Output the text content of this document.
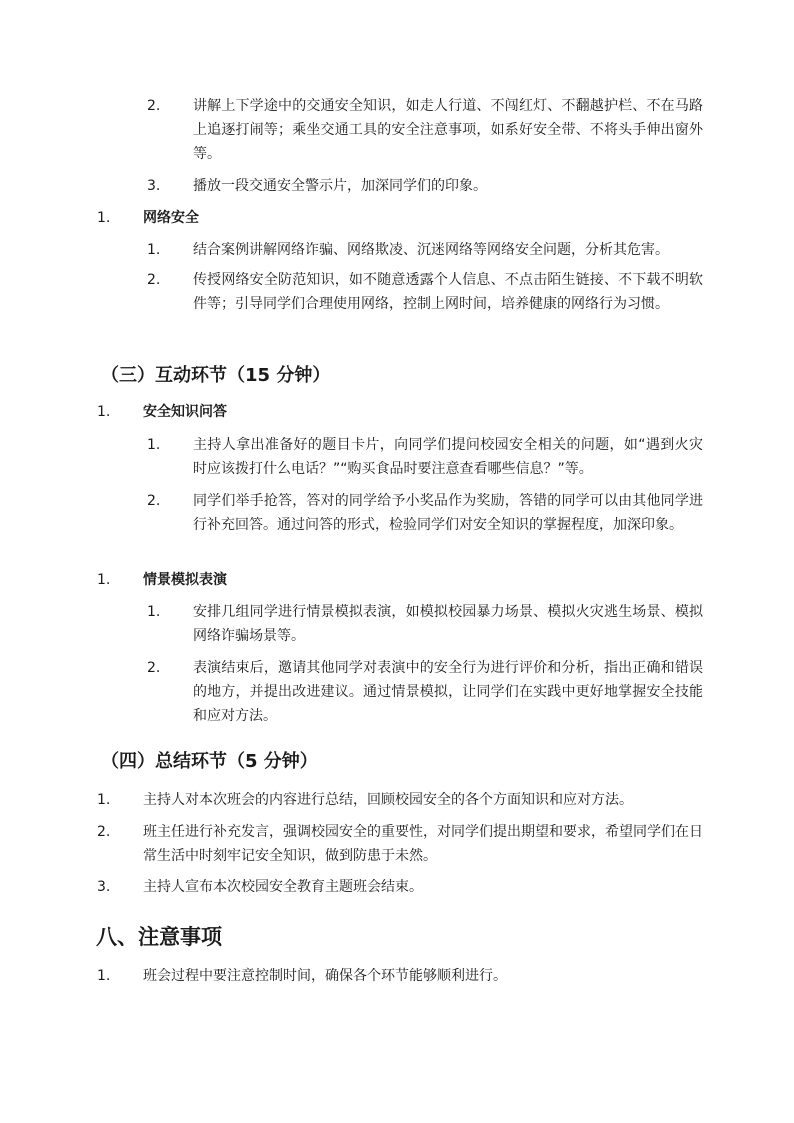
2. 讲解上下学途中的交通安全知识，如走人行道、不闯红灯、不翻越护栏、不在马路上追逐打闹等；乘坐交通工具的安全注意事项，如系好安全带、不将头手伸出窗外等。
3. 播放一段交通安全警示片，加深同学们的印象。
1. 网络安全
1. 结合案例讲解网络诈骗、网络欺凌、沉迷网络等网络安全问题，分析其危害。
2. 传授网络安全防范知识，如不随意透露个人信息、不点击陌生链接、不下载不明软件等；引导同学们合理使用网络，控制上网时间，培养健康的网络行为习惯。
（三）互动环节（15 分钟）
1. 安全知识问答
1. 主持人拿出准备好的题目卡片，向同学们提问校园安全相关的问题，如“遇到火灾时应该拨打什么电话？”“购买食品时要注意查看哪些信息？”等。
2. 同学们举手抢答，答对的同学给予小奖品作为奖励，答错的同学可以由其他同学进行补充回答。通过问答的形式，检验同学们对安全知识的掌握程度，加深印象。
1. 情景模拟表演
1. 安排几组同学进行情景模拟表演，如模拟校园暴力场景、模拟火灾逃生场景、模拟网络诈骗场景等。
2. 表演结束后，邀请其他同学对表演中的安全行为进行评价和分析，指出正确和错误的地方，并提出改进建议。通过情景模拟，让同学们在实践中更好地掌握安全技能和应对方法。
（四）总结环节（5 分钟）
1. 主持人对本次班会的内容进行总结，回顾校园安全的各个方面知识和应对方法。
2. 班主任进行补充发言，强调校园安全的重要性，对同学们提出期望和要求，希望同学们在日常生活中时刻牢记安全知识，做到防患于未然。
3. 主持人宣布本次校园安全教育主题班会结束。
八、注意事项
1. 班会过程中要注意控制时间，确保各个环节能够顺利进行。
